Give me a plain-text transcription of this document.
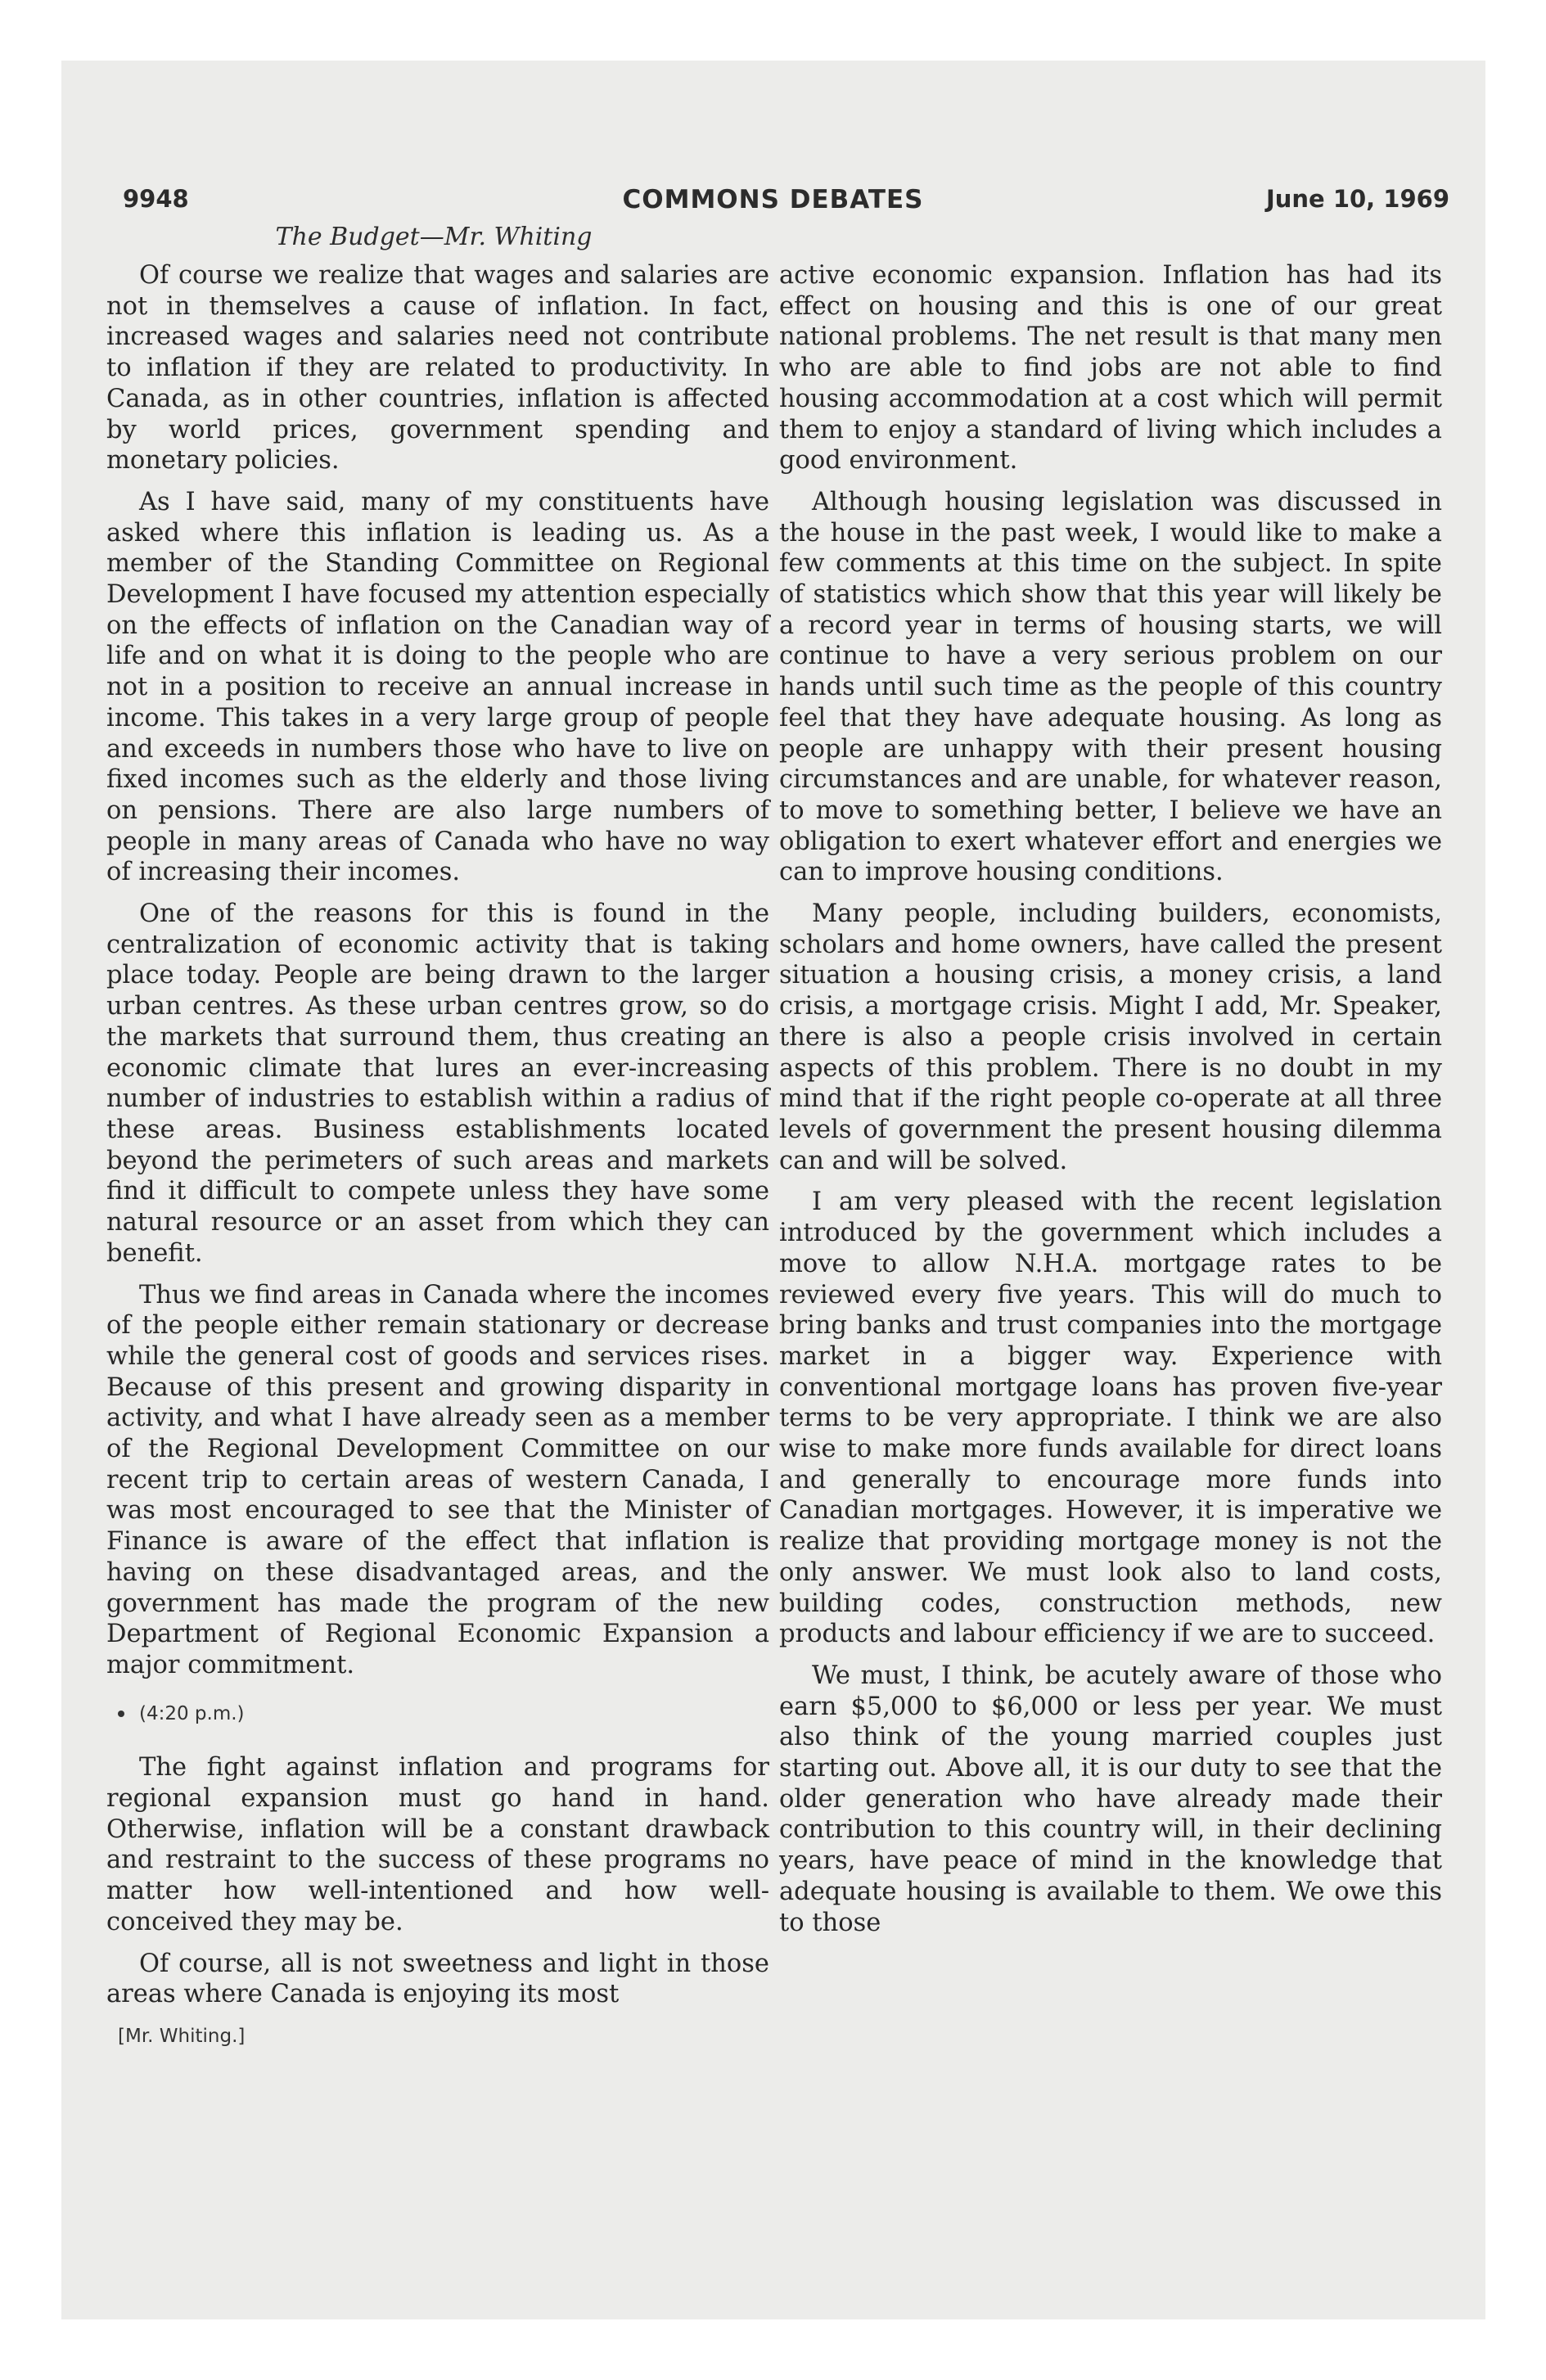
9948	COMMONS DEBATES	June 10, 1969
The Budget—Mr. Whiting

Of course we realize that wages and salaries are not in themselves a cause of inflation. In fact, increased wages and salaries need not contribute to inflation if they are related to productivity. In Canada, as in other countries, inflation is affected by world prices, government spending and monetary policies.

As I have said, many of my constituents have asked where this inflation is leading us. As a member of the Standing Committee on Regional Development I have focused my attention especially on the effects of inflation on the Canadian way of life and on what it is doing to the people who are not in a position to receive an annual increase in income. This takes in a very large group of people and exceeds in numbers those who have to live on fixed incomes such as the elderly and those living on pensions. There are also large numbers of people in many areas of Canada who have no way of increasing their incomes.

One of the reasons for this is found in the centralization of economic activity that is taking place today. People are being drawn to the larger urban centres. As these urban centres grow, so do the markets that surround them, thus creating an economic climate that lures an ever-increasing number of industries to establish within a radius of these areas. Business establishments located beyond the perimeters of such areas and markets find it difficult to compete unless they have some natural resource or an asset from which they can benefit.

Thus we find areas in Canada where the incomes of the people either remain stationary or decrease while the general cost of goods and services rises. Because of this present and growing disparity in activity, and what I have already seen as a member of the Regional Development Committee on our recent trip to certain areas of western Canada, I was most encouraged to see that the Minister of Finance is aware of the effect that inflation is having on these disadvantaged areas, and the government has made the program of the new Department of Regional Economic Expansion a major commitment.

(4:20 p.m.)

The fight against inflation and programs for regional expansion must go hand in hand. Otherwise, inflation will be a constant drawback and restraint to the success of these programs no matter how well-intentioned and how well-conceived they may be.

Of course, all is not sweetness and light in those areas where Canada is enjoying its most

[Mr. Whiting.]

active economic expansion. Inflation has had its effect on housing and this is one of our great national problems. The net result is that many men who are able to find jobs are not able to find housing accommodation at a cost which will permit them to enjoy a standard of living which includes a good environment.

Although housing legislation was discussed in the house in the past week, I would like to make a few comments at this time on the subject. In spite of statistics which show that this year will likely be a record year in terms of housing starts, we will continue to have a very serious problem on our hands until such time as the people of this country feel that they have adequate housing. As long as people are unhappy with their present housing circumstances and are unable, for whatever reason, to move to something better, I believe we have an obligation to exert whatever effort and energies we can to improve housing conditions.

Many people, including builders, economists, scholars and home owners, have called the present situation a housing crisis, a money crisis, a land crisis, a mortgage crisis. Might I add, Mr. Speaker, there is also a people crisis involved in certain aspects of this problem. There is no doubt in my mind that if the right people co-operate at all three levels of government the present housing dilemma can and will be solved.

I am very pleased with the recent legislation introduced by the government which includes a move to allow N.H.A. mortgage rates to be reviewed every five years. This will do much to bring banks and trust companies into the mortgage market in a bigger way. Experience with conventional mortgage loans has proven five-year terms to be very appropriate. I think we are also wise to make more funds available for direct loans and generally to encourage more funds into Canadian mortgages. However, it is imperative we realize that providing mortgage money is not the only answer. We must look also to land costs, building codes, construction methods, new products and labour efficiency if we are to succeed.

We must, I think, be acutely aware of those who earn $5,000 to $6,000 or less per year. We must also think of the young married couples just starting out. Above all, it is our duty to see that the older generation who have already made their contribution to this country will, in their declining years, have peace of mind in the knowledge that adequate housing is available to them. We owe this to those
